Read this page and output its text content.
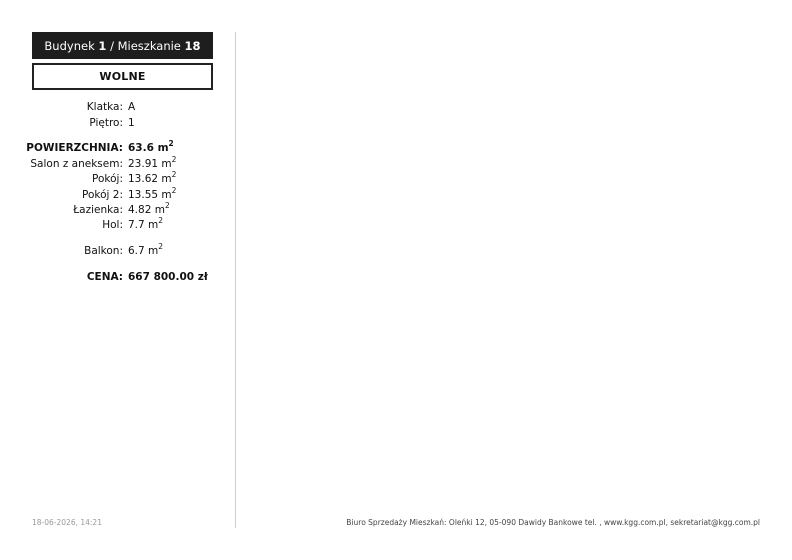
Budynek
1
/
Mieszkanie
18
WOLNE
Klatka: A
Piętro: 1
POWIERZCHNIA: 63.6 $m^2$
Salon z aneksem: 23.91 $m^2$
Pokój: 13.62 $m^2$
Pokój 2: 13.55 $m^2$
Łazienka: 4.82 $m^2$
Hol: 7.7 $m^2$
Balkon: 6.7 $m^2$
CENA: 667 800.00 zł
18-06-2026, 14:21	Biuro Sprzedaży Mieszkań: Oleńki 12, 05-090 Dawidy Bankowe tel. , www.kgg.com.pl, sekretariat@kgg.com.pl
